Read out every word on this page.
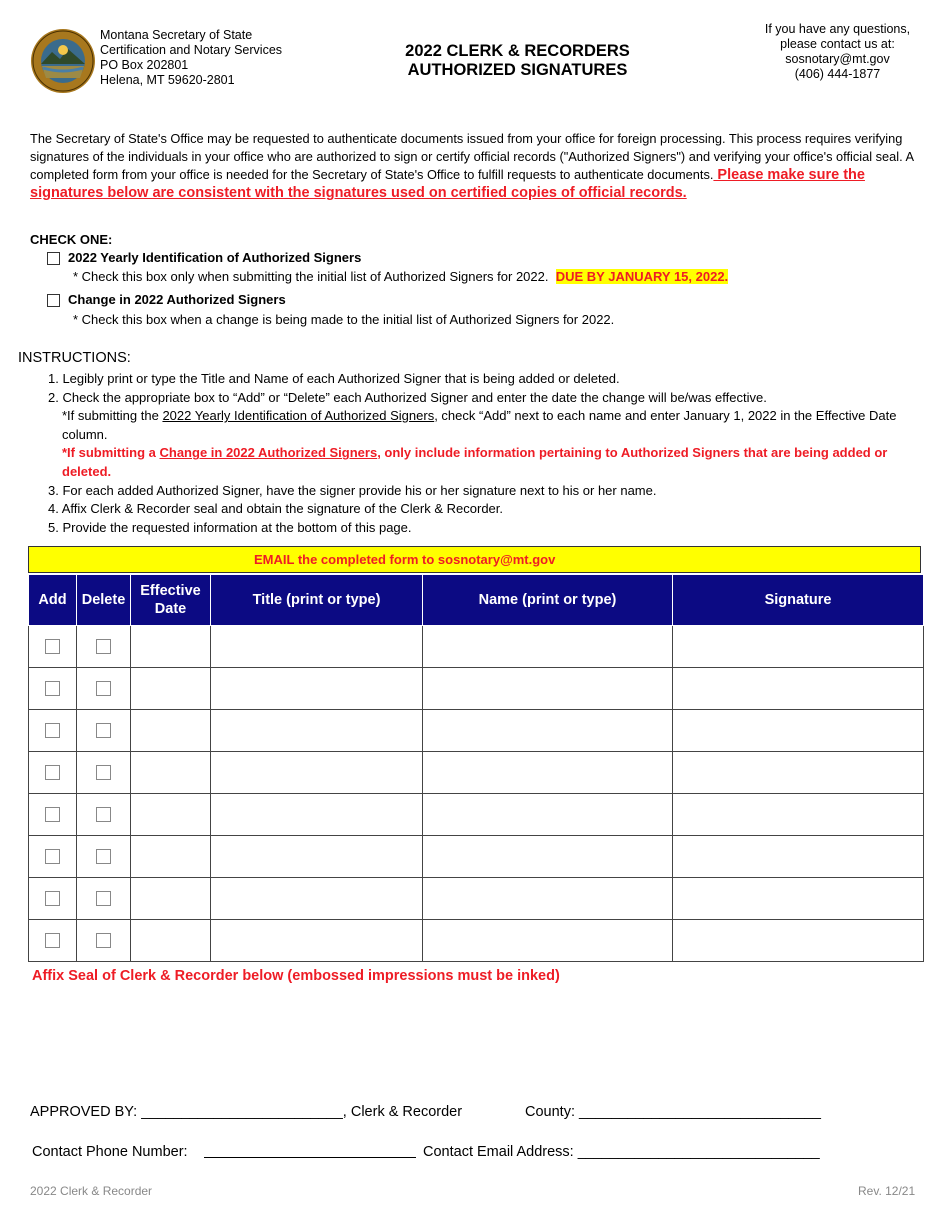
Montana Secretary of State
Certification and Notary Services
PO Box 202801
Helena, MT 59620-2801
2022 CLERK & RECORDERS
AUTHORIZED SIGNATURES
If you have any questions,
please contact us at:
sosnotary@mt.gov
(406) 444-1877
The Secretary of State's Office may be requested to authenticate documents issued from your office for foreign processing. This process requires verifying signatures of the individuals in your office who are authorized to sign or certify official records ("Authorized Signers") and verifying your office's official seal. A completed form from your office is needed for the Secretary of State's Office to fulfill requests to authenticate documents. Please make sure the signatures below are consistent with the signatures used on certified copies of official records.
CHECK ONE:
2022 Yearly Identification of Authorized Signers
* Check this box only when submitting the initial list of Authorized Signers for 2022. DUE BY JANUARY 15, 2022.
Change in 2022 Authorized Signers
* Check this box when a change is being made to the initial list of Authorized Signers for 2022.
INSTRUCTIONS:

1. Legibly print or type the Title and Name of each Authorized Signer that is being added or deleted.

2. Check the appropriate box to “Add” or “Delete” each Authorized Signer and enter the date the change will be/was effective.

*If submitting the 2022 Yearly Identification of Authorized Signers, check “Add” next to each name and enter January 1, 2022 in the Effective Date column.

*If submitting a Change in 2022 Authorized Signers, only include information pertaining to Authorized Signers that are being added or deleted.

3. For each added Authorized Signer, have the signer provide his or her signature next to his or her name.

4. Affix Clerk & Recorder seal and obtain the signature of the Clerk & Recorder.

5. Provide the requested information at the bottom of this page.

EMAIL the completed form to sosnotary@mt.gov
Add	Delete	Effective
Date	Title (print or type)	Name (print or type)	Signature

Affix Seal of Clerk & Recorder below (embossed impressions must be inked)
APPROVED BY: _________________________, Clerk & Recorder	County: ______________________________
Contact Phone Number:	Contact Email Address: ______________________________
2022 Clerk & Recorder	Rev. 12/21
